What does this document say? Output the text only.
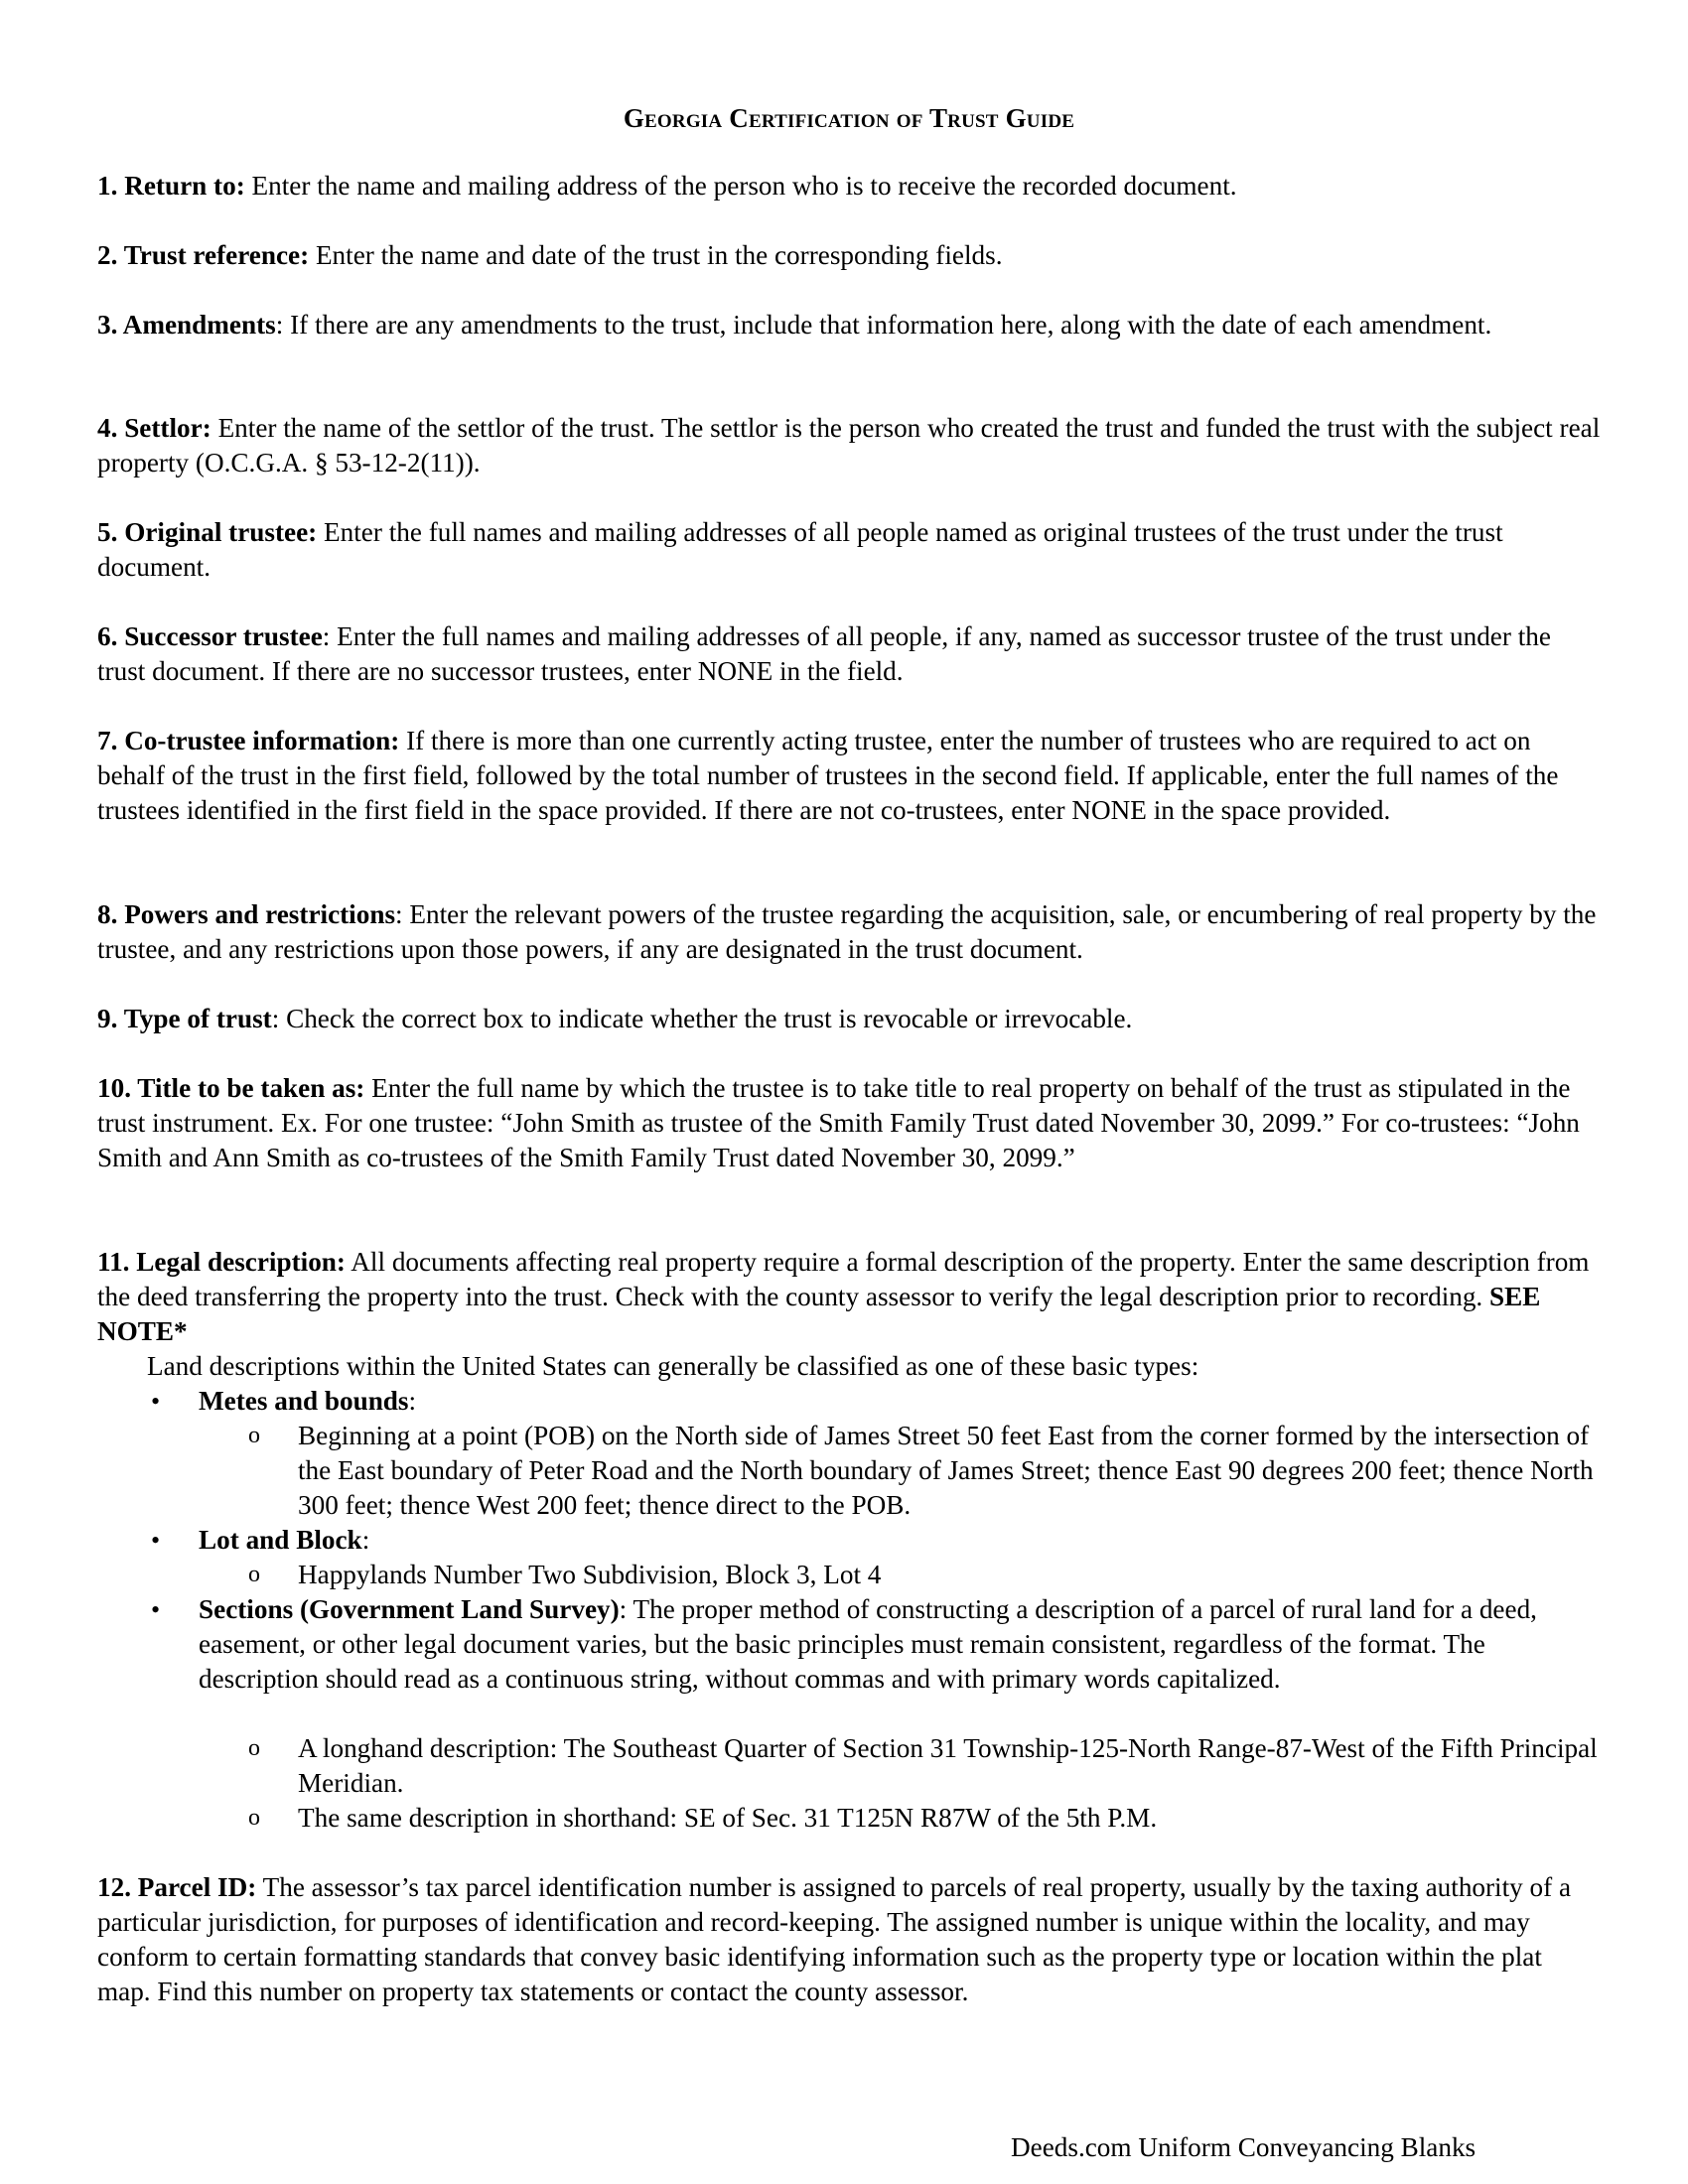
Georgia Certification of Trust Guide
1. Return to: Enter the name and mailing address of the person who is to receive the recorded document.
2. Trust reference: Enter the name and date of the trust in the corresponding fields.
3. Amendments: If there are any amendments to the trust, include that information here, along with the date of each amendment.
4. Settlor: Enter the name of the settlor of the trust. The settlor is the person who created the trust and funded the trust with the subject real property (O.C.G.A. § 53-12-2(11)).
5. Original trustee: Enter the full names and mailing addresses of all people named as original trustees of the trust under the trust document.
6. Successor trustee: Enter the full names and mailing addresses of all people, if any, named as successor trustee of the trust under the trust document. If there are no successor trustees, enter NONE in the field.
7. Co-trustee information: If there is more than one currently acting trustee, enter the number of trustees who are required to act on behalf of the trust in the first field, followed by the total number of trustees in the second field. If applicable, enter the full names of the trustees identified in the first field in the space provided. If there are not co-trustees, enter NONE in the space provided.
8. Powers and restrictions: Enter the relevant powers of the trustee regarding the acquisition, sale, or encumbering of real property by the trustee, and any restrictions upon those powers, if any are designated in the trust document.
9. Type of trust: Check the correct box to indicate whether the trust is revocable or irrevocable.
10. Title to be taken as: Enter the full name by which the trustee is to take title to real property on behalf of the trust as stipulated in the trust instrument. Ex. For one trustee: “John Smith as trustee of the Smith Family Trust dated November 30, 2099.” For co-trustees: “John Smith and Ann Smith as co-trustees of the Smith Family Trust dated November 30, 2099.”
11. Legal description: All documents affecting real property require a formal description of the property. Enter the same description from the deed transferring the property into the trust. Check with the county assessor to verify the legal description prior to recording. SEE NOTE*
Land descriptions within the United States can generally be classified as one of these basic types:
•	Metes and bounds:
o Beginning at a point (POB) on the North side of James Street 50 feet East from the corner formed by the intersection of the East boundary of Peter Road and the North boundary of James Street; thence East 90 degrees 200 feet; thence North 300 feet; thence West 200 feet; thence direct to the POB.
•	Lot and Block:
o Happylands Number Two Subdivision, Block 3, Lot 4
•	Sections (Government Land Survey): The proper method of constructing a description of a parcel of rural land for a deed, easement, or other legal document varies, but the basic principles must remain consistent, regardless of the format. The description should read as a continuous string, without commas and with primary words capitalized.
o A longhand description: The Southeast Quarter of Section 31 Township-125-North Range-87-West of the Fifth Principal Meridian.
o The same description in shorthand: SE of Sec. 31 T125N R87W of the 5th P.M.
12. Parcel ID: The assessor’s tax parcel identification number is assigned to parcels of real property, usually by the taxing authority of a particular jurisdiction, for purposes of identification and record-keeping. The assigned number is unique within the locality, and may conform to certain formatting standards that convey basic identifying information such as the property type or location within the plat map. Find this number on property tax statements or contact the county assessor.
Deeds.com Uniform Conveyancing Blanks
